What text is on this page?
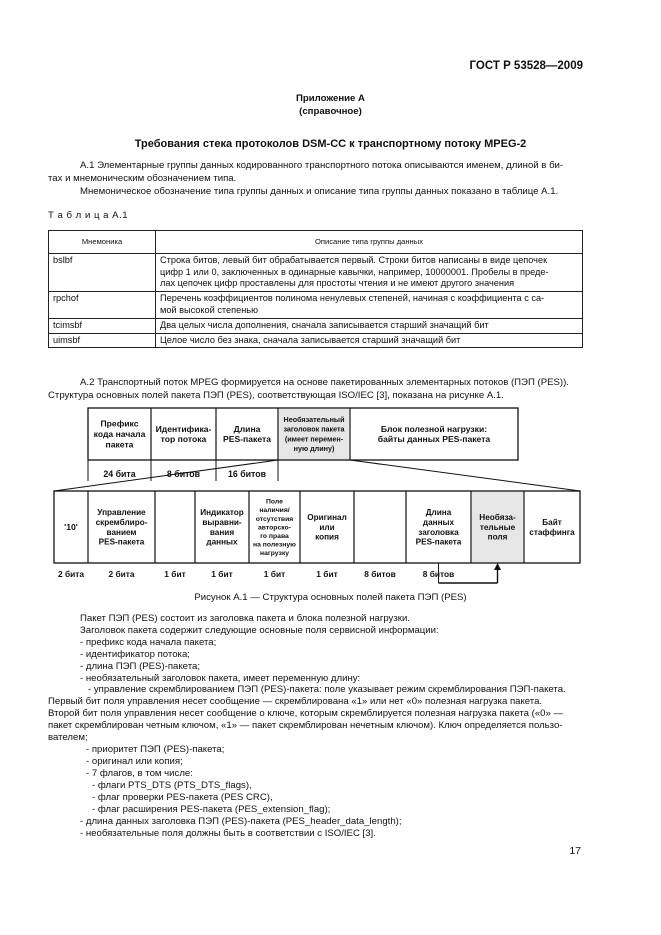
ГОСТ Р 53528—2009
Приложение А
(справочное)
Требования стека протоколов DSM-CC к транспортному потоку MPEG-2
А.1 Элементарные группы данных кодированного транспортного потока описываются именем, длиной в би-
тах и мнемоническим обозначением типа.
Мнемоническое обозначение типа группы данных и описание типа группы данных показано в таблице А.1.
Т а б л и ц а А.1
Мнемоника	Описание типа группы данных
bslbf	Строка битов, левый бит обрабатывается первый. Строки битов написаны в виде цепочек
цифр 1 или 0, заключенных в одинарные кавычки, например, 10000001. Пробелы в преде-
лах цепочек цифр проставлены для простоты чтения и не имеют другого значения

rpchof	Перечень коэффициентов полинома ненулевых степеней, начиная с коэффициента с са-
мой высокой степенью

tcimsbf	Два целых числа дополнения, сначала записывается старший значащий бит

uimsbf	Целое число без знака, сначала записывается старший значащий бит
А.2 Транспортный поток MPEG формируется на основе пакетированных элементарных потоков (ПЭП (PES)).
Структура основных полей пакета ПЭП (PES), соответствующая ISO/IEC [3], показана на рисунке А.1.
Префикс кода начала пакета
Идентифика-тор потока
Длина PES-пакета
Необязательный заголовок пакета (имеет перемен-ную длину)
Блок полезной нагрузки: байты данных PES-пакета
24 бита	8 битов	16 битов
'10'
Управление скремблиро-ванием PES-пакета
Индикатор выравни-вания данных
Поле наличия/ отсутствия авторско-го права на полезную нагрузку
Оригинал или копия
Длина данных заголовка PES-пакета
Необяза-тельные поля
Байт стаффинга
2 бита	2 бита	1 бит	1 бит	1 бит	1 бит	8 битов	8 битов
Рисунок А.1 — Структура основных полей пакета ПЭП (PES)
Пакет ПЭП (PES) состоит из заголовка пакета и блока полезной нагрузки.
Заголовок пакета содержит следующие основные поля сервисной информации:
- префикс кода начала пакета;
- идентификатор потока;
- длина ПЭП (PES)-пакета;
- необязательный заголовок пакета, имеет переменную длину:
- управление скремблированием ПЭП (PES)-пакета: поле указывает режим скремблирования ПЭП-пакета.
Первый бит поля управления несет сообщение — скремблирована «1» или нет «0» полезная нагрузка пакета.
Второй бит поля управления несет сообщение о ключе, которым скремблируется полезная нагрузка пакета («0» —
пакет скремблирован четным ключом, «1» — пакет скремблирован нечетным ключом). Ключ определяется пользо-
вателем;
- приоритет ПЭП (PES)-пакета;
- оригинал или копия;
- 7 флагов, в том числе:
- флаги PTS_DTS (PTS_DTS_flags),
- флаг проверки PES-пакета (PES CRC),
- флаг расширения PES-пакета (PES_extension_flag);
- длина данных заголовка ПЭП (PES)-пакета (PES_header_data_length);
- необязательные поля должны быть в соответствии с ISO/IEC [3].
17
